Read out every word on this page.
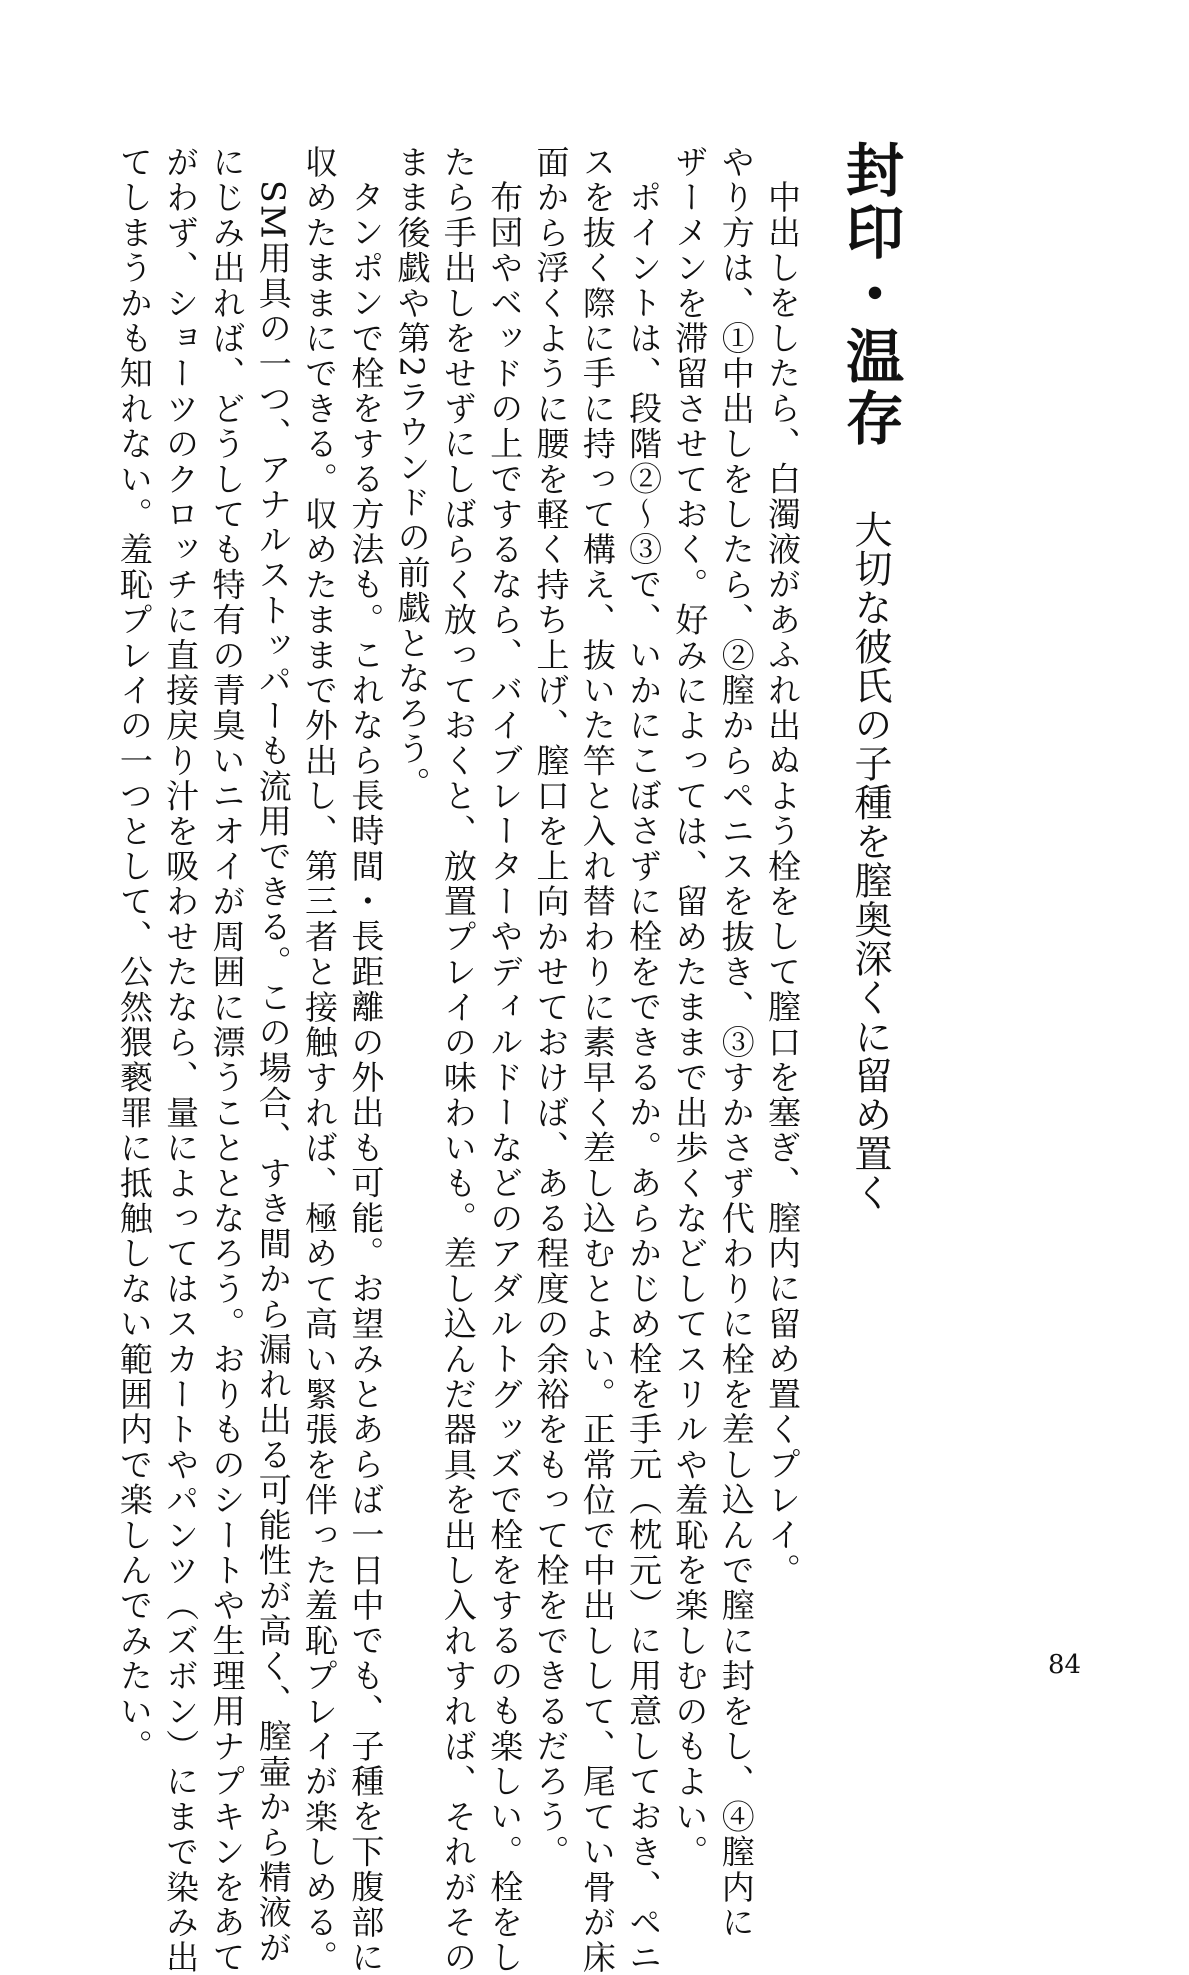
封印・温存
大切な彼氏の子種を膣奥深くに留め置く
中出しをしたら、白濁液があふれ出ぬよう栓をして膣口を塞ぎ、膣内に留め置くプレイ。
やり方は、①中出しをしたら、②膣からペニスを抜き、③すかさず代わりに栓を差し込んで膣に封をし、④膣内に
ザーメンを滞留させておく。好みによっては、留めたままで出歩くなどしてスリルや羞恥を楽しむのもよい。
ポイントは、段階②〜③で、いかにこぼさずに栓をできるか。あらかじめ栓を手元（枕元）に用意しておき、ペニ
スを抜く際に手に持って構え、抜いた竿と入れ替わりに素早く差し込むとよい。正常位で中出しして、尾てい骨が床
面から浮くように腰を軽く持ち上げ、膣口を上向かせておけば、ある程度の余裕をもって栓をできるだろう。
布団やベッドの上でするなら、バイブレーターやディルドーなどのアダルトグッズで栓をするのも楽しい。栓をし
たら手出しをせずにしばらく放っておくと、放置プレイの味わいも。差し込んだ器具を出し入れすれば、それがその
まま後戯や第2ラウンドの前戯となろう。
タンポンで栓をする方法も。これなら長時間・長距離の外出も可能。お望みとあらば一日中でも、子種を下腹部に
収めたままにできる。収めたままで外出し、第三者と接触すれば、極めて高い緊張を伴った羞恥プレイが楽しめる。
SM用具の一つ、アナルストッパーも流用できる。この場合、すき間から漏れ出る可能性が高く、膣壷から精液が
にじみ出れば、どうしても特有の青臭いニオイが周囲に漂うこととなろう。おりものシートや生理用ナプキンをあて
がわず、ショーツのクロッチに直接戻り汁を吸わせたなら、量によってはスカートやパンツ（ズボン）にまで染み出
てしまうかも知れない。羞恥プレイの一つとして、公然猥褻罪に抵触しない範囲内で楽しんでみたい。	84
